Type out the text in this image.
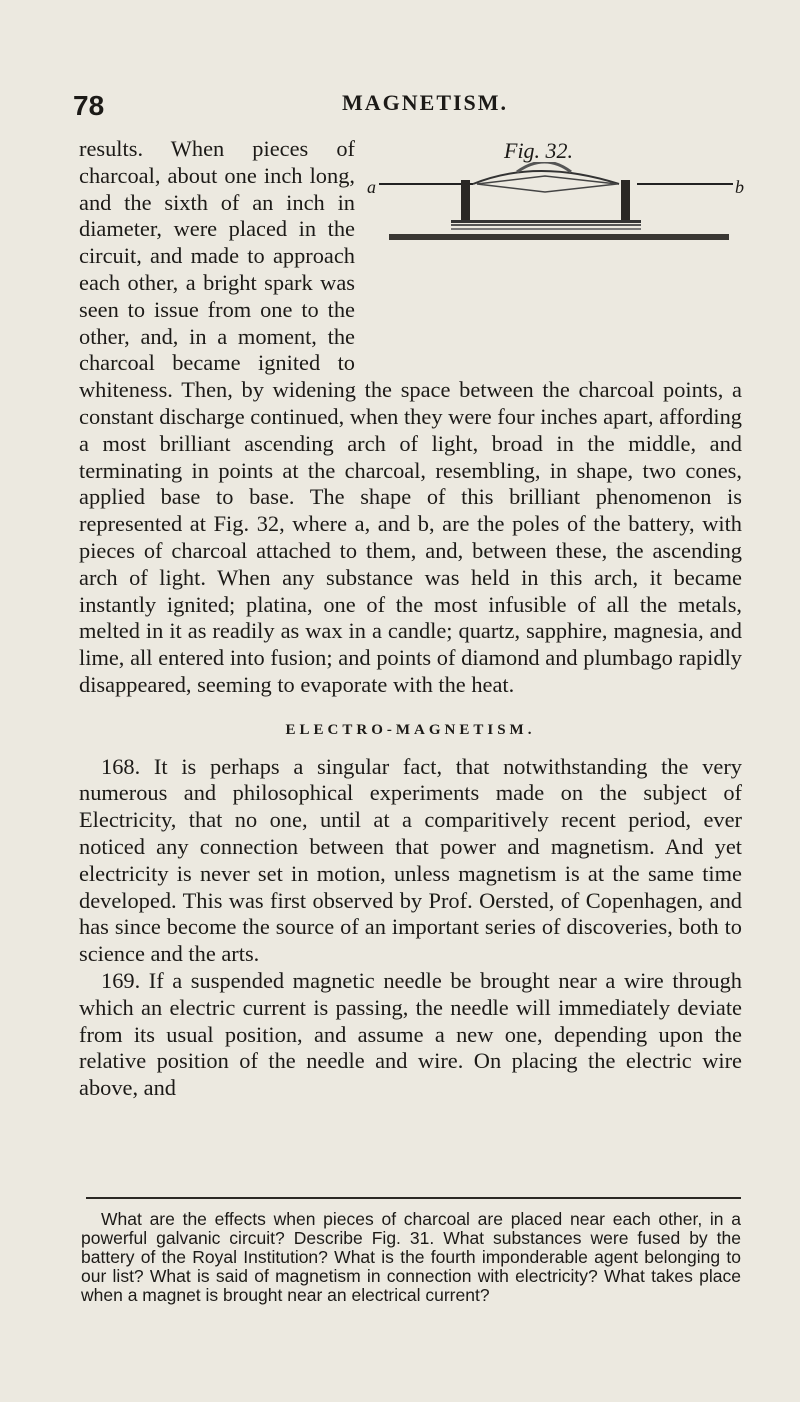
78	MAGNETISM.

Fig. 32.
a	b
results. When pieces of charcoal, about one inch long, and the sixth of an inch in diameter, were placed in the circuit, and made to approach each other, a bright spark was seen to issue from one to the other, and, in a moment, the charcoal became ignited to whiteness. Then, by widening the space between the charcoal points, a constant discharge continued, when they were four inches apart, affording a most brilliant ascending arch of light, broad in the middle, and terminating in points at the charcoal, resembling, in shape, two cones, applied base to base. The shape of this brilliant phenomenon is represented at Fig. 32, where a, and b, are the poles of the battery, with pieces of charcoal attached to them, and, between these, the ascending arch of light. When any substance was held in this arch, it became instantly ignited; platina, one of the most infusible of all the metals, melted in it as readily as wax in a candle; quartz, sapphire, magnesia, and lime, all entered into fusion; and points of diamond and plumbago rapidly disappeared, seeming to evaporate with the heat.

ELECTRO-MAGNETISM.

168. It is perhaps a singular fact, that notwithstanding the very numerous and philosophical experiments made on the subject of Electricity, that no one, until at a comparitively recent period, ever noticed any connection between that power and magnetism. And yet electricity is never set in motion, unless magnetism is at the same time developed. This was first observed by Prof. Oersted, of Copenhagen, and has since become the source of an important series of discoveries, both to science and the arts.

169. If a suspended magnetic needle be brought near a wire through which an electric current is passing, the needle will immediately deviate from its usual position, and assume a new one, depending upon the relative position of the needle and wire. On placing the electric wire above, and

What are the effects when pieces of charcoal are placed near each other, in a powerful galvanic circuit? Describe Fig. 31. What substances were fused by the battery of the Royal Institution? What is the fourth imponderable agent belonging to our list? What is said of magnetism in connection with electricity? What takes place when a magnet is brought near an electrical current?
